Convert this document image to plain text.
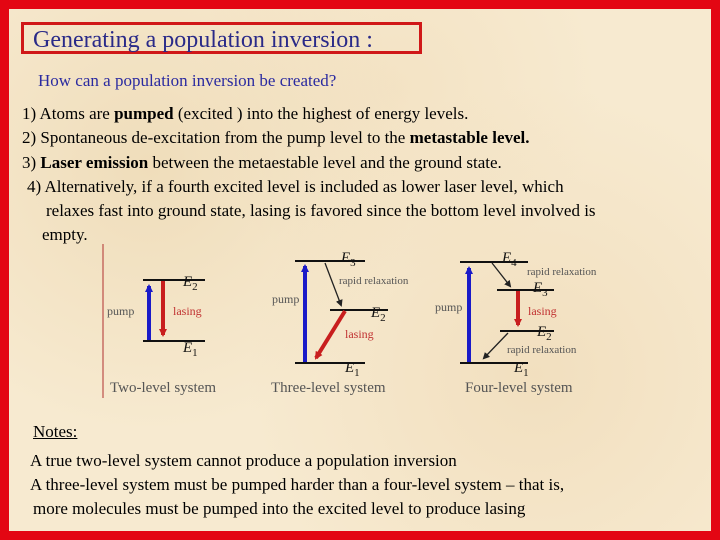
Generating a population inversion :
How can a population inversion be created?
1) Atoms are pumped (excited ) into the highest of energy levels.
2) Spontaneous de-excitation from the pump level to the metastable level.
3) Laser emission between the metaestable level and the ground state.
4) Alternatively, if a fourth excited level is included as lower laser level, which
relaxes fast into ground state, lasing is favored since the bottom level involved is
empty.
Notes:
A true two-level system cannot produce a population inversion
A three-level system must be pumped harder than a four-level system – that is,
more molecules must be pumped into the excited level to produce lasing
pump	lasing
$E_2$
$E_1$
Two-level system
$E_3$
rapid relaxation
pump
$E_2$
lasing
$E_1$
Three-level system
$E_4$
rapid relaxation
$E_3$
pump	lasing
$E_2$
rapid relaxation
$E_1$
Four-level system
